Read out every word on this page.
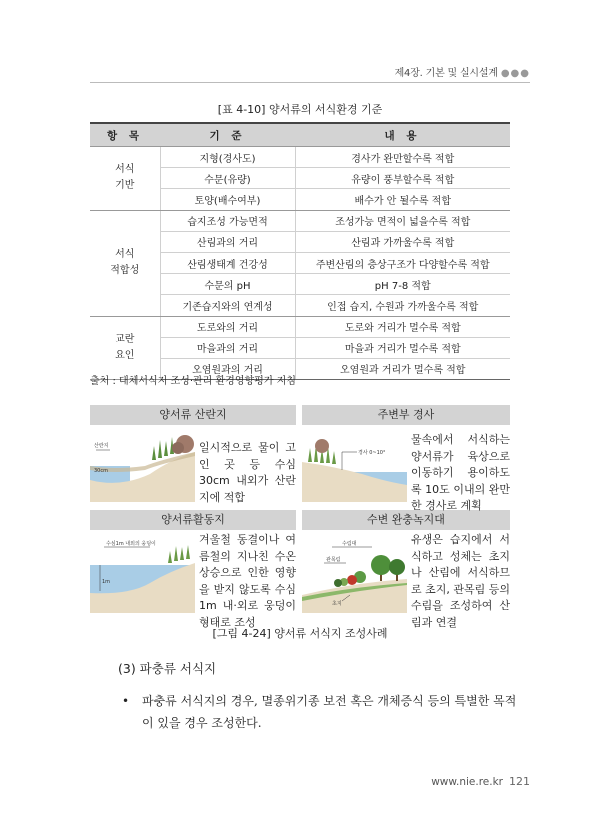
제4장. 기본 및 실시설계 ●●●
[표 4-10] 양서류의 서식환경 기준
항 목	기 준	내 용
서식
기반	지형(경사도)	경사가 완만할수록 적합
	수문(유량)	유량이 풍부할수록 적합
	토양(배수여부)	배수가 안 될수록 적합
서식
적합성	습지조성 가능면적	조성가능 면적이 넓을수록 적합
	산림과의 거리	산림과 가까울수록 적합
	산림생태계 건강성	주변산림의 층상구조가 다양할수록 적합
	수문의 pH	pH 7-8 적합
	기존습지와의 연계성	인접 습지, 수원과 가까울수록 적합
교란
요인	도로와의 거리	도로와 거리가 멀수록 적합
	마을과의 거리	마을과 거리가 멀수록 적합
	오염원과의 거리	오염원과 거리가 멀수록 적합
출처 : 대체서식지 조성·관리 환경영향평가 지침
양서류 산란지	주변부 경사
양서류활동지	수변 완충녹지대
산란지
30cm
일시적으로 물이 고인 곳 등 수심 30cm 내외가 산란지에 적합
경사 0~10°
물속에서 서식하는 양서류가 육상으로 이동하기 용이하도록 10도 이내의 완만한 경사로 계획
수심1m 내외의 웅덩이
1m
겨울철 동결이나 여름철의 지나친 수온 상승으로 인한 영향을 받지 않도록 수심 1m 내·외로 웅덩이 형태로 조성
수림대
관목림
초지
유생은 습지에서 서식하고 성체는 초지나 산림에 서식하므로 초지, 관목림 등의 수림을 조성하여 산림과 연결
[그림 4-24] 양서류 서식지 조성사례
(3) 파충류 서식지
•	파충류 서식지의 경우, 멸종위기종 보전 혹은 개체증식 등의 특별한 목적이 있을 경우 조성한다.
www.nie.re.kr 121
